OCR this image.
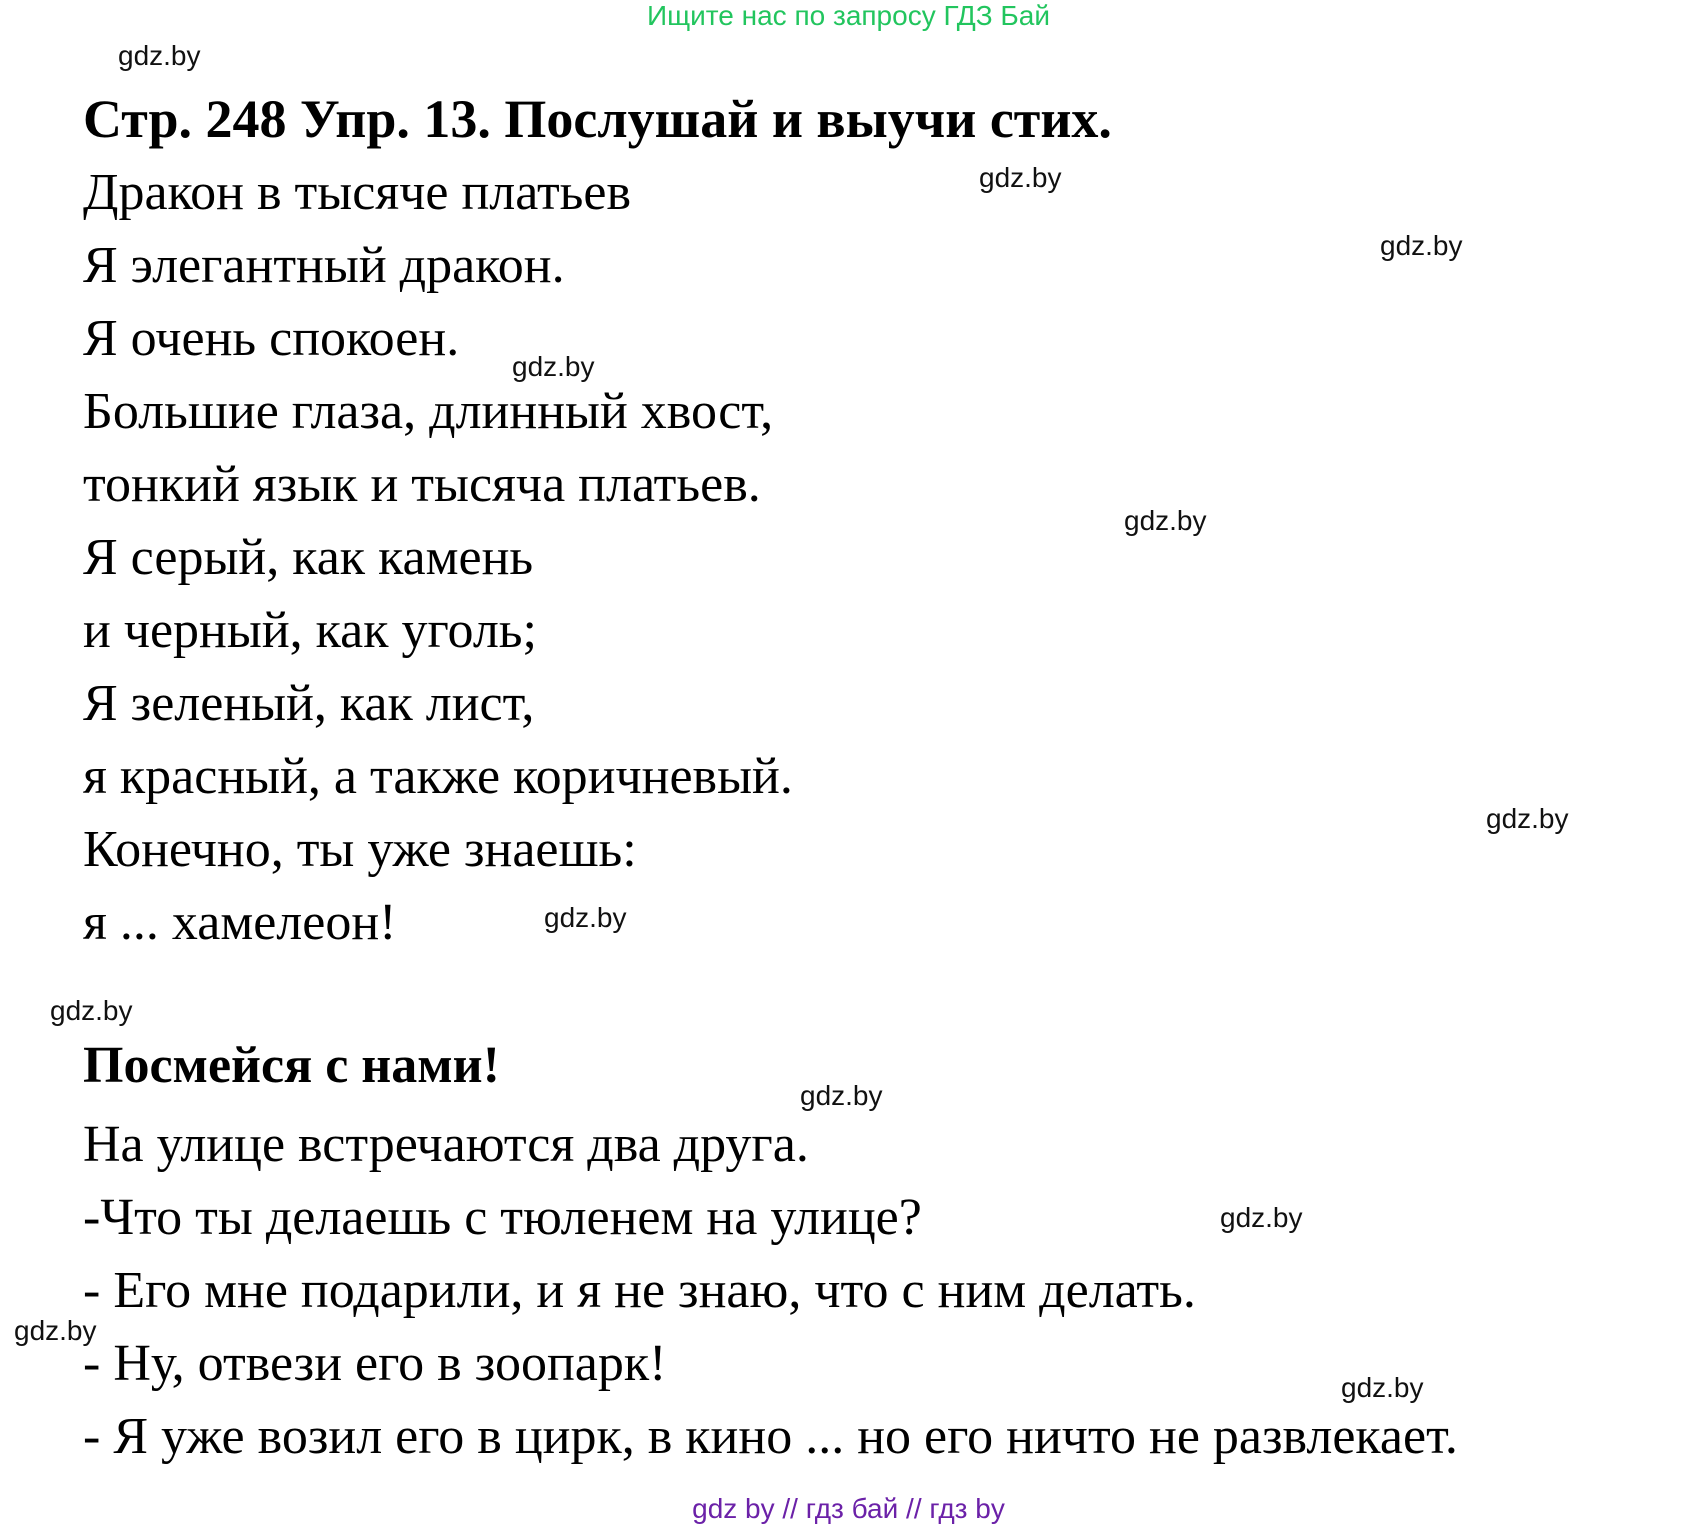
Ищите нас по запросу ГДЗ Бай
gdz.by
gdz.by
gdz.by
gdz.by
gdz.by
gdz.by
gdz.by
gdz.by
gdz.by
gdz.by
gdz.by
gdz.by
Стр. 248 Упр. 13. Послушай и выучи стих.
Дракон в тысяче платьев
Я элегантный дракон.
Я очень спокоен.
Большие глаза, длинный хвост,
тонкий язык и тысяча платьев.
Я серый, как камень
и черный, как уголь;
Я зеленый, как лист,
я красный, а также коричневый.
Конечно, ты уже знаешь:
я ... хамелеон!
Посмейся с нами!
На улице встречаются два друга.
-Что ты делаешь с тюленем на улице?
- Его мне подарили, и я не знаю, что с ним делать.
- Ну, отвези его в зоопарк!
- Я уже возил его в цирк, в кино ... но его ничто не развлекает.
gdz by // гдз бай // гдз by
